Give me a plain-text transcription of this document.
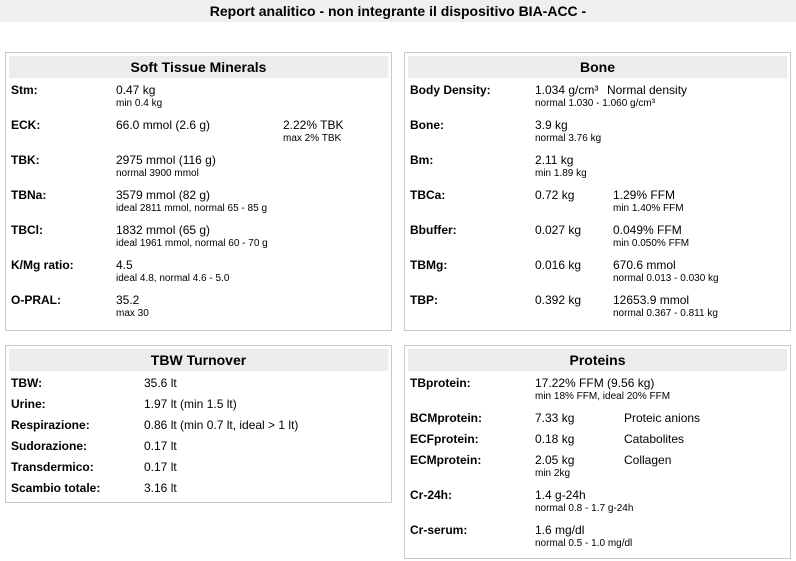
Report analitico - non integrante il dispositivo BIA-ACC -
Soft Tissue Minerals
Stm:	0.47 kg
min 0.4 kg
ECK:	66.0 mmol (2.6 g)	2.22% TBK
max 2% TBK
TBK:	2975 mmol (116 g)
normal 3900 mmol
TBNa:	3579 mmol (82 g)
ideal 2811 mmol, normal 65 - 85 g
TBCl:	1832 mmol (65 g)
ideal 1961 mmol, normal 60 - 70 g
K/Mg ratio:	4.5
ideal 4.8, normal 4.6 - 5.0
O-PRAL:	35.2
max 30
Bone
Body Density:	1.034 g/cm³ Normal density
normal 1.030 - 1.060 g/cm³
Bone:	3.9 kg
normal 3.76 kg
Bm:	2.11 kg
min 1.89 kg
TBCa:	0.72 kg	1.29% FFM
min 1.40% FFM
Bbuffer:	0.027 kg	0.049% FFM
min 0.050% FFM
TBMg:	0.016 kg	670.6 mmol
normal 0.013 - 0.030 kg
TBP:	0.392 kg	12653.9 mmol
normal 0.367 - 0.811 kg
TBW Turnover
TBW:	35.6 lt
Urine:	1.97 lt (min 1.5 lt)
Respirazione:	0.86 lt (min 0.7 lt, ideal > 1 lt)
Sudorazione:	0.17 lt
Transdermico:	0.17 lt
Scambio totale:	3.16 lt
Proteins
TBprotein:	17.22% FFM (9.56 kg)
min 18% FFM, ideal 20% FFM
BCMprotein:	7.33 kg	Proteic anions
ECFprotein:	0.18 kg	Catabolites
ECMprotein:	2.05 kg	Collagen
min 2kg
Cr-24h:	1.4 g-24h
normal 0.8 - 1.7 g-24h
Cr-serum:	1.6 mg/dl
normal 0.5 - 1.0 mg/dl
